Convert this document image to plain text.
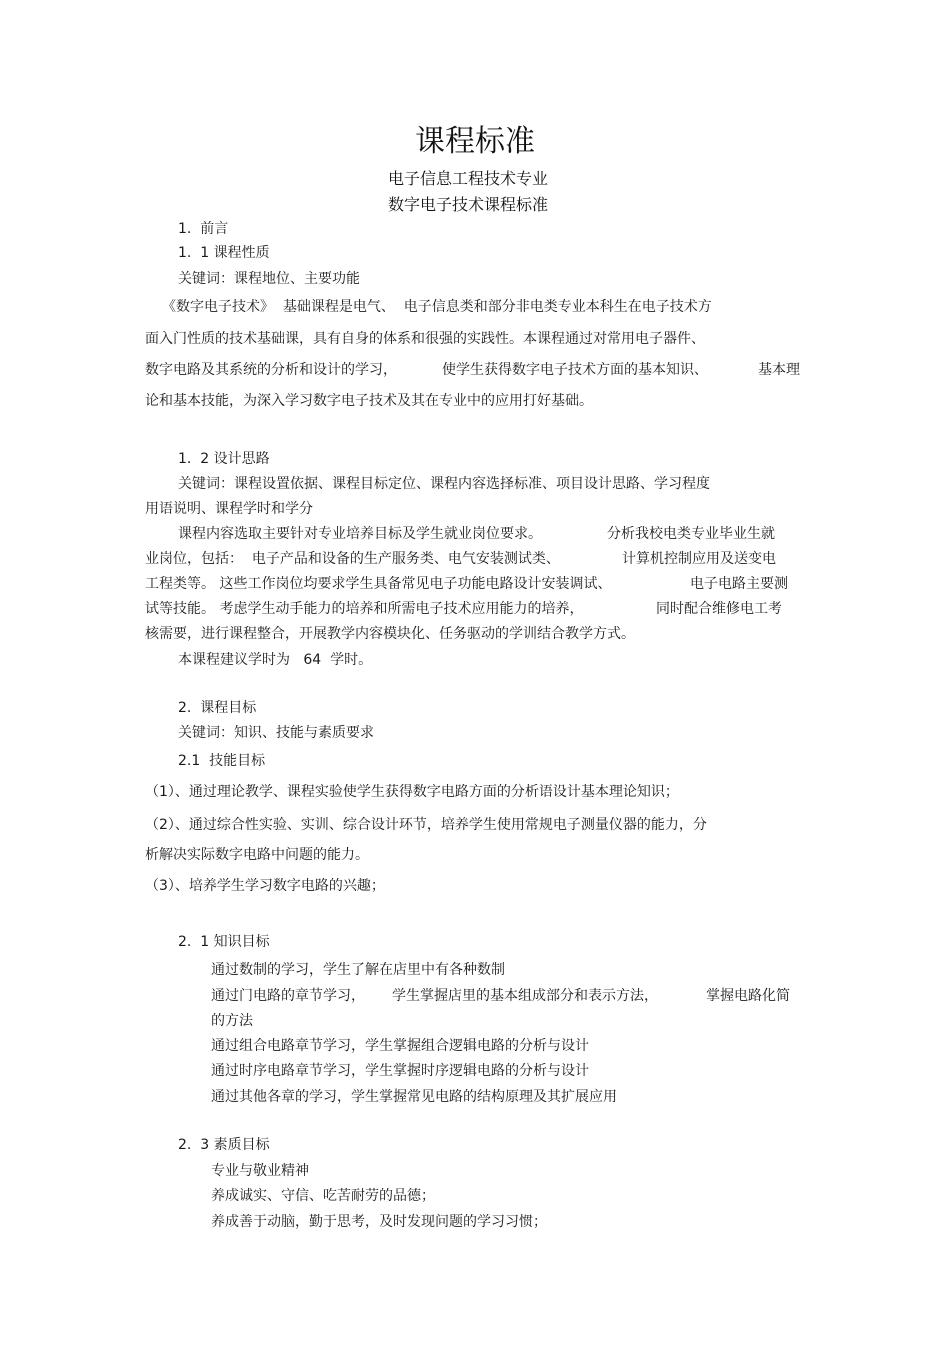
课程标准
电子信息工程技术专业
数字电子技术课程标准
1.  前言
1.  1 课程性质
关键词：课程地位、主要功能
《数字电子技术》  基础课程是电气、  电子信息类和部分非电类专业本科生在电子技术方
面入门性质的技术基础课，具有自身的体系和很强的实践性。本课程通过对常用电子器件、
数字电路及其系统的分析和设计的学习，	使学生获得数字电子技术方面的基本知识、	基本理
论和基本技能，为深入学习数字电子技术及其在专业中的应用打好基础。
1.  2 设计思路
关键词：课程设置依据、课程目标定位、课程内容选择标准、项目设计思路、学习程度
用语说明、课程学时和学分
课程内容选取主要针对专业培养目标及学生就业岗位要求。	分析我校电类专业毕业生就
业岗位，包括：  电子产品和设备的生产服务类、电气安装测试类、	计算机控制应用及送变电
工程类等。 这些工作岗位均要求学生具备常见电子功能电路设计安装调试、	电子电路主要测
试等技能。 考虑学生动手能力的培养和所需电子技术应用能力的培养，	同时配合维修电工考
核需要，进行课程整合，开展教学内容模块化、任务驱动的学训结合教学方式。
本课程建议学时为   64  学时。
2.  课程目标
关键词：知识、技能与素质要求
2.1  技能目标
（1）、通过理论教学、课程实验使学生获得数字电路方面的分析语设计基本理论知识；
（2）、通过综合性实验、实训、综合设计环节，培养学生使用常规电子测量仪器的能力，分
析解决实际数字电路中问题的能力。
（3）、培养学生学习数字电路的兴趣；
2.  1 知识目标
通过数制的学习，学生了解在店里中有各种数制
通过门电路的章节学习， 学生掌握店里的基本组成部分和表示方法，	掌握电路化简
的方法
通过组合电路章节学习，学生掌握组合逻辑电路的分析与设计
通过时序电路章节学习，学生掌握时序逻辑电路的分析与设计
通过其他各章的学习，学生掌握常见电路的结构原理及其扩展应用
2.  3 素质目标
专业与敬业精神
养成诚实、守信、吃苦耐劳的品德；
养成善于动脑，勤于思考，及时发现问题的学习习惯；
